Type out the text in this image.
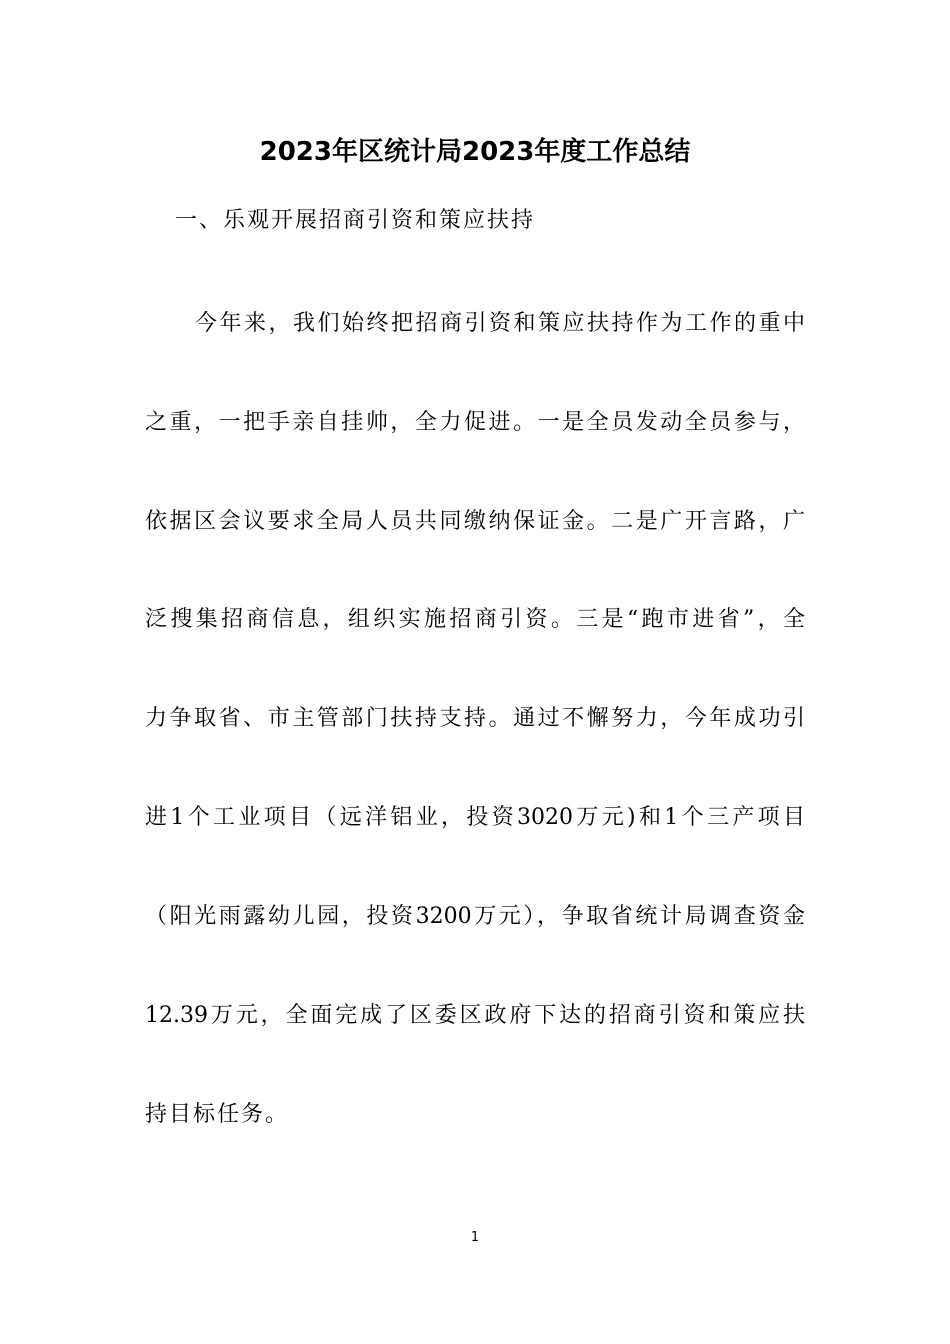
2023年区统计局2023年度工作总结
一、乐观开展招商引资和策应扶持
今年来，我们始终把招商引资和策应扶持作为工作的重中
之重，一把手亲自挂帅，全力促进。一是全员发动全员参与，
依据区会议要求全局人员共同缴纳保证金。二是广开言路，广
泛搜集招商信息，组织实施招商引资。三是“跑市进省”，全
力争取省、市主管部门扶持支持。通过不懈努力，今年成功引
进1个工业项目（远洋铝业，投资3020万元)和1个三产项目
（阳光雨露幼儿园，投资3200万元），争取省统计局调查资金
12.39万元，全面完成了区委区政府下达的招商引资和策应扶
持目标任务。
1
